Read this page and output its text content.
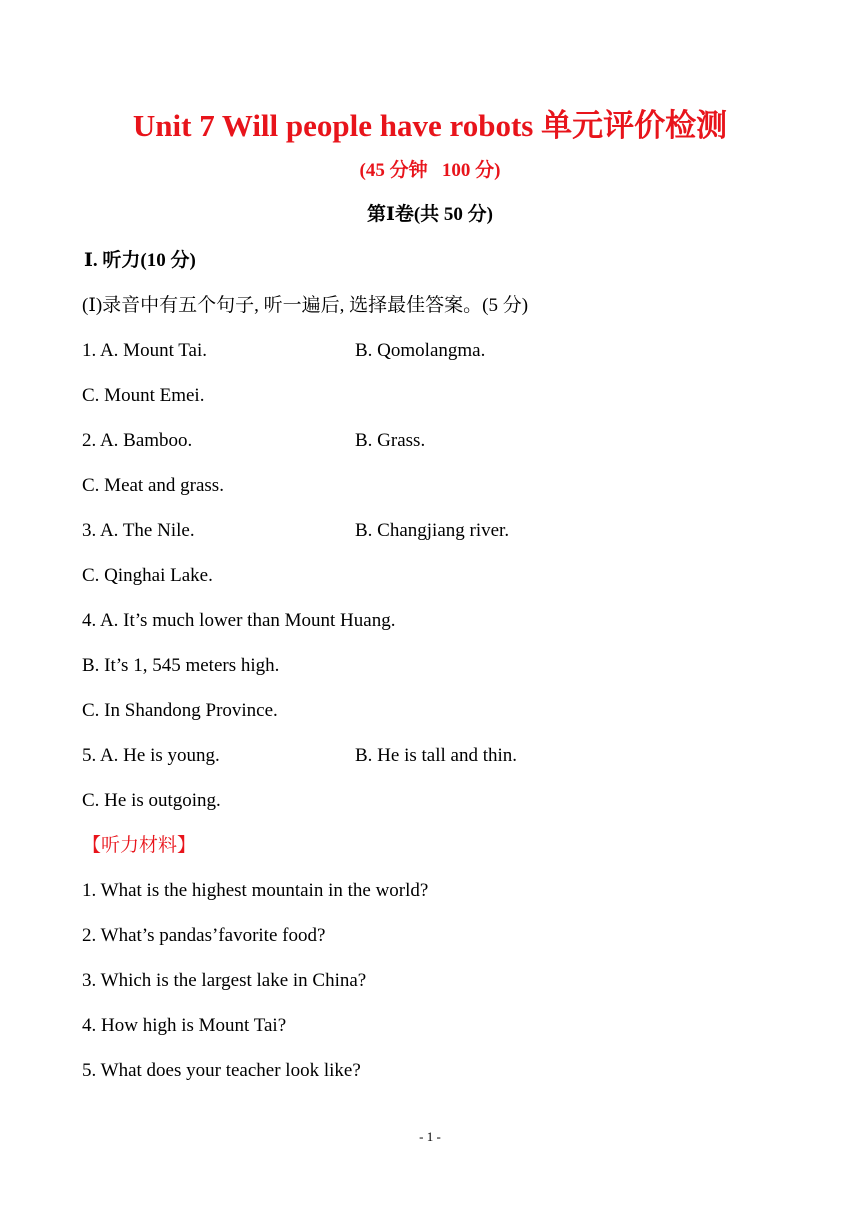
Unit 7 Will people have robots 单元评价检测
(45 分钟   100 分)
第Ⅰ卷(共 50 分)
Ⅰ. 听力(10 分)
(Ⅰ)录音中有五个句子, 听一遍后, 选择最佳答案。(5 分)
1. A. Mount Tai.	B. Qomolangma.
C. Mount Emei.
2. A. Bamboo.	B. Grass.
C. Meat and grass.
3. A. The Nile.	B. Changjiang river.
C. Qinghai Lake.
4. A. It’s much lower than Mount Huang.
B. It’s 1, 545 meters high.
C. In Shandong Province.
5. A. He is young.	B. He is tall and thin.
C. He is outgoing.
【听力材料】
1. What is the highest mountain in the world?
2. What’s pandas’favorite food?
3. Which is the largest lake in China?
4. How high is Mount Tai?
5. What does your teacher look like?
- 1 -
